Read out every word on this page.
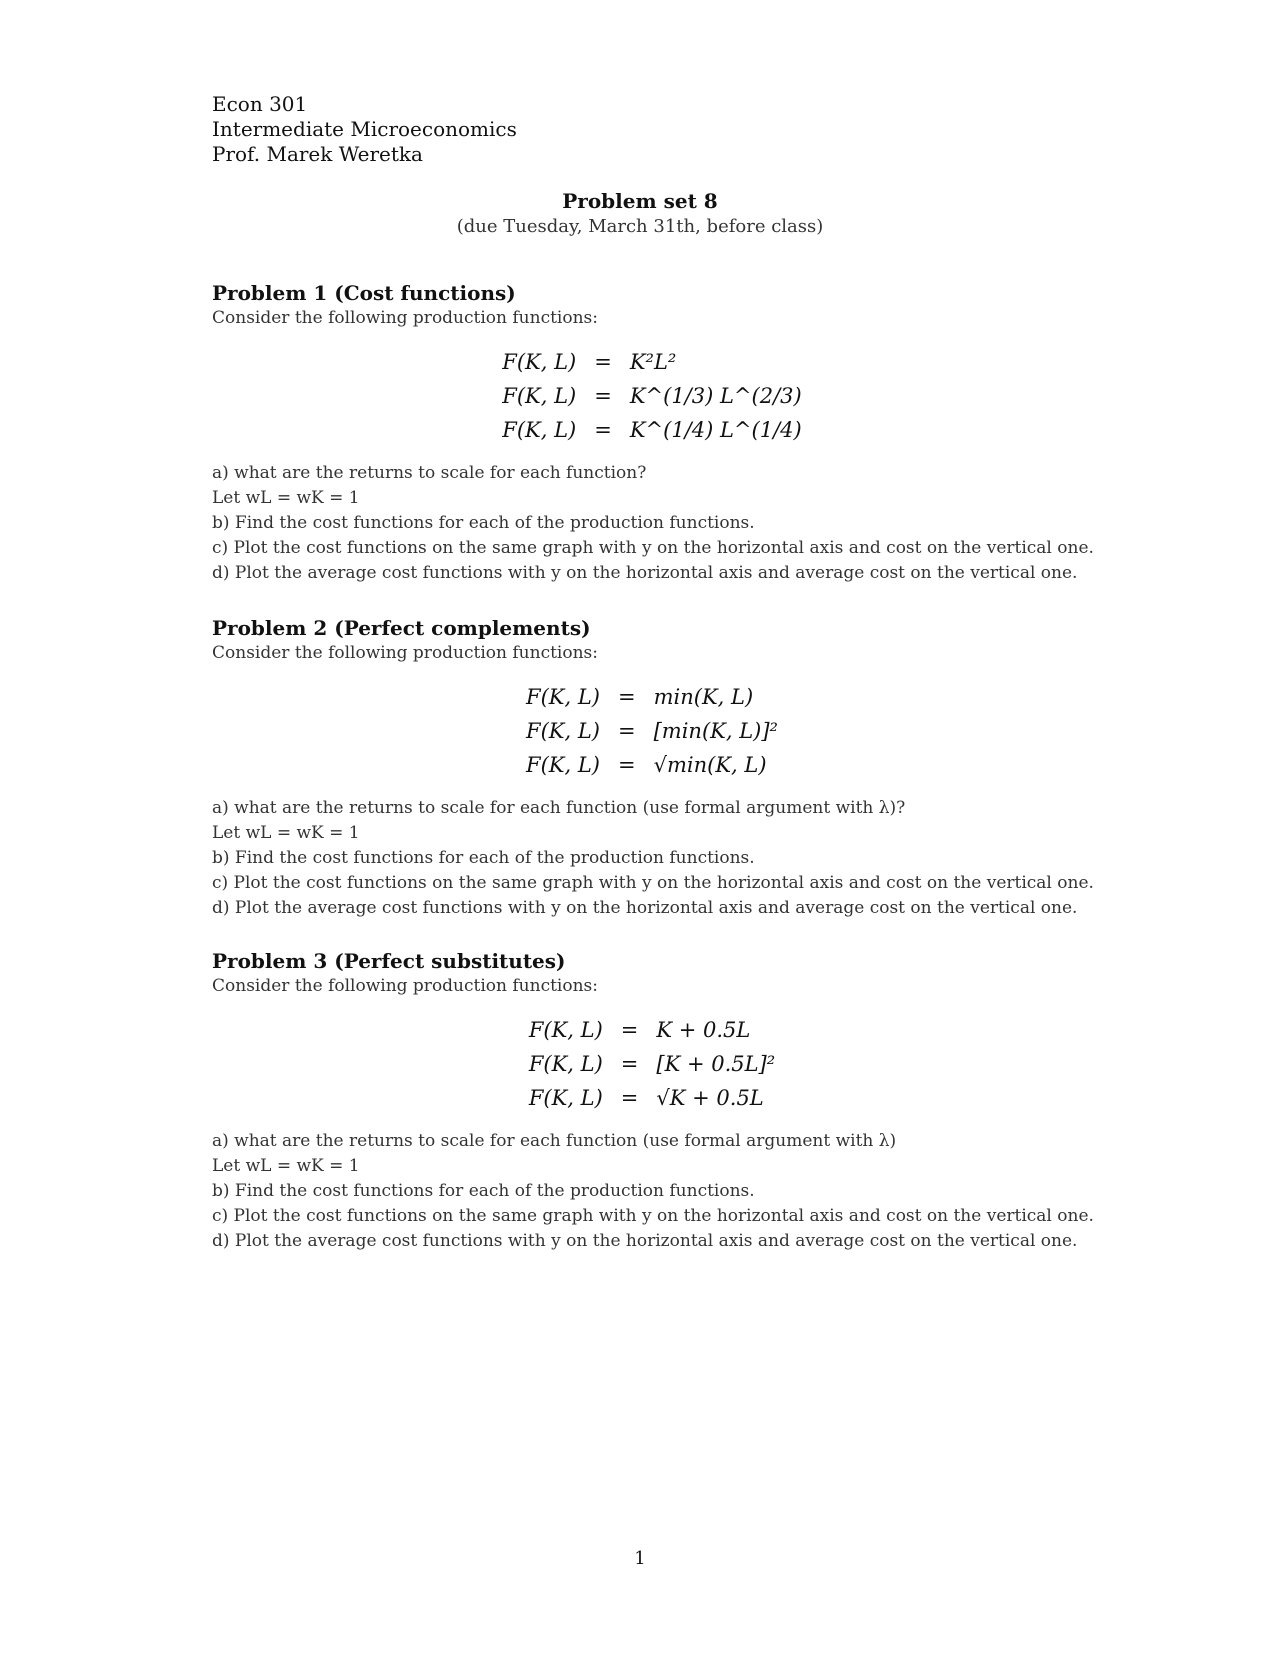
Econ 301
Intermediate Microeconomics
Prof. Marek Weretka
Problem set 8
(due Tuesday, March 31th, before class)
Problem 1 (Cost functions)

Consider the following production functions:

F(K, L)	=	K²L²
F(K, L)	=	K^(1/3) L^(2/3)
F(K, L)	=	K^(1/4) L^(1/4)

a) what are the returns to scale for each function?

Let wL = wK = 1

b) Find the cost functions for each of the production functions.

c) Plot the cost functions on the same graph with y on the horizontal axis and cost on the vertical one.

d) Plot the average cost functions with y on the horizontal axis and average cost on the vertical one.

Problem 2 (Perfect complements)

Consider the following production functions:

F(K, L)	=	min(K, L)
F(K, L)	=	[min(K, L)]²
F(K, L)	=	√min(K, L)

a) what are the returns to scale for each function (use formal argument with λ)?

Let wL = wK = 1

b) Find the cost functions for each of the production functions.

c) Plot the cost functions on the same graph with y on the horizontal axis and cost on the vertical one.

d) Plot the average cost functions with y on the horizontal axis and average cost on the vertical one.

Problem 3 (Perfect substitutes)

Consider the following production functions:

F(K, L)	=	K + 0.5L
F(K, L)	=	[K + 0.5L]²
F(K, L)	=	√K + 0.5L

a) what are the returns to scale for each function (use formal argument with λ)

Let wL = wK = 1

b) Find the cost functions for each of the production functions.

c) Plot the cost functions on the same graph with y on the horizontal axis and cost on the vertical one.

d) Plot the average cost functions with y on the horizontal axis and average cost on the vertical one.

1
